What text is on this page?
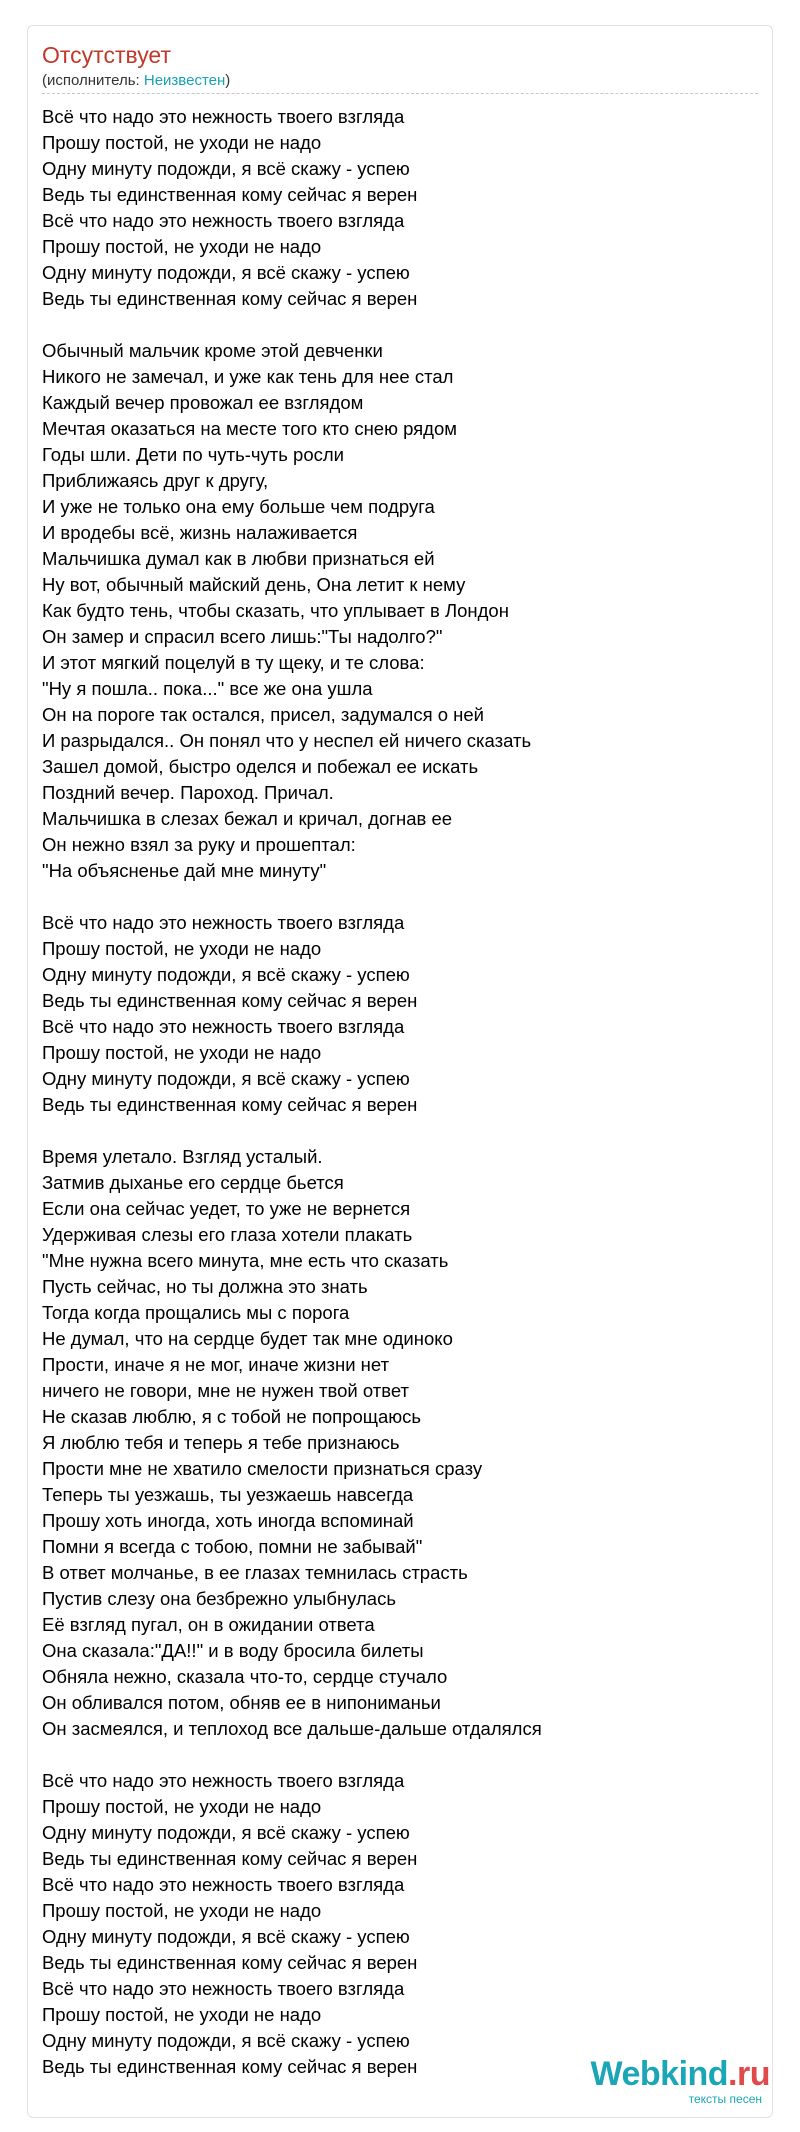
Отсутствует
(исполнитель: Неизвестен)
Всё что надо это нежность твоего взгляда
Прошу постой, не уходи не надо
Одну минуту подожди, я всё скажу - успею
Ведь ты единственная кому сейчас я верен
Всё что надо это нежность твоего взгляда
Прошу постой, не уходи не надо
Одну минуту подожди, я всё скажу - успею
Ведь ты единственная кому сейчас я верен
Обычный мальчик кроме этой девченки
Никого не замечал, и уже как тень для нее стал
Каждый вечер провожал ее взглядом
Мечтая оказаться на месте того кто снею рядом
Годы шли. Дети по чуть-чуть росли
Приближаясь друг к другу,
И уже не только она ему больше чем подруга
И вродебы всё, жизнь налаживается
Мальчишка думал как в любви признаться ей
Ну вот, обычный майский день, Она летит к нему
Как будто тень, чтобы сказать, что уплывает в Лондон
Он замер и спрасил всего лишь:"Ты надолго?"
И этот мягкий поцелуй в ту щеку, и те слова:
"Ну я пошла.. пока..." все же она ушла
Он на пороге так остался, присел, задумался о ней
И разрыдался.. Он понял что у неспел ей ничего сказать
Зашел домой, быстро оделся и побежал ее искать
Поздний вечер. Пароход. Причал.
Мальчишка в слезах бежал и кричал, догнав ее
Он нежно взял за руку и прошептал:
"На объясненье дай мне минуту"
Всё что надо это нежность твоего взгляда
Прошу постой, не уходи не надо
Одну минуту подожди, я всё скажу - успею
Ведь ты единственная кому сейчас я верен
Всё что надо это нежность твоего взгляда
Прошу постой, не уходи не надо
Одну минуту подожди, я всё скажу - успею
Ведь ты единственная кому сейчас я верен
Время улетало. Взгляд усталый.
Затмив дыханье его сердце бьется
Если она сейчас уедет, то уже не вернется
Удерживая слезы его глаза хотели плакать
"Мне нужна всего минута, мне есть что сказать
Пусть сейчас, но ты должна это знать
Тогда когда прощались мы с порога
Не думал, что на сердце будет так мне одиноко
Прости, иначе я не мог, иначе жизни нет
ничего не говори, мне не нужен твой ответ
Не сказав люблю, я с тобой не попрощаюсь
Я люблю тебя и теперь я тебе признаюсь
Прости мне не хватило смелости признаться сразу
Теперь ты уезжашь, ты уезжаешь навсегда
Прошу хоть иногда, хоть иногда вспоминай
Помни я всегда с тобою, помни не забывай"
В ответ молчанье, в ее глазах темнилась страсть
Пустив слезу она безбрежно улыбнулась
Её взгляд пугал, он в ожидании ответа
Она сказала:"ДА!!" и в воду бросила билеты
Обняла нежно, сказала что-то, сердце стучало
Он обливался потом, обняв ее в нипониманьи
Он засмеялся, и теплоход все дальше-дальше отдалялся
Всё что надо это нежность твоего взгляда
Прошу постой, не уходи не надо
Одну минуту подожди, я всё скажу - успею
Ведь ты единственная кому сейчас я верен
Всё что надо это нежность твоего взгляда
Прошу постой, не уходи не надо
Одну минуту подожди, я всё скажу - успею
Ведь ты единственная кому сейчас я верен
Всё что надо это нежность твоего взгляда
Прошу постой, не уходи не надо
Одну минуту подожди, я всё скажу - успею
Ведь ты единственная кому сейчас я верен	Webkind.ru
тексты песен
